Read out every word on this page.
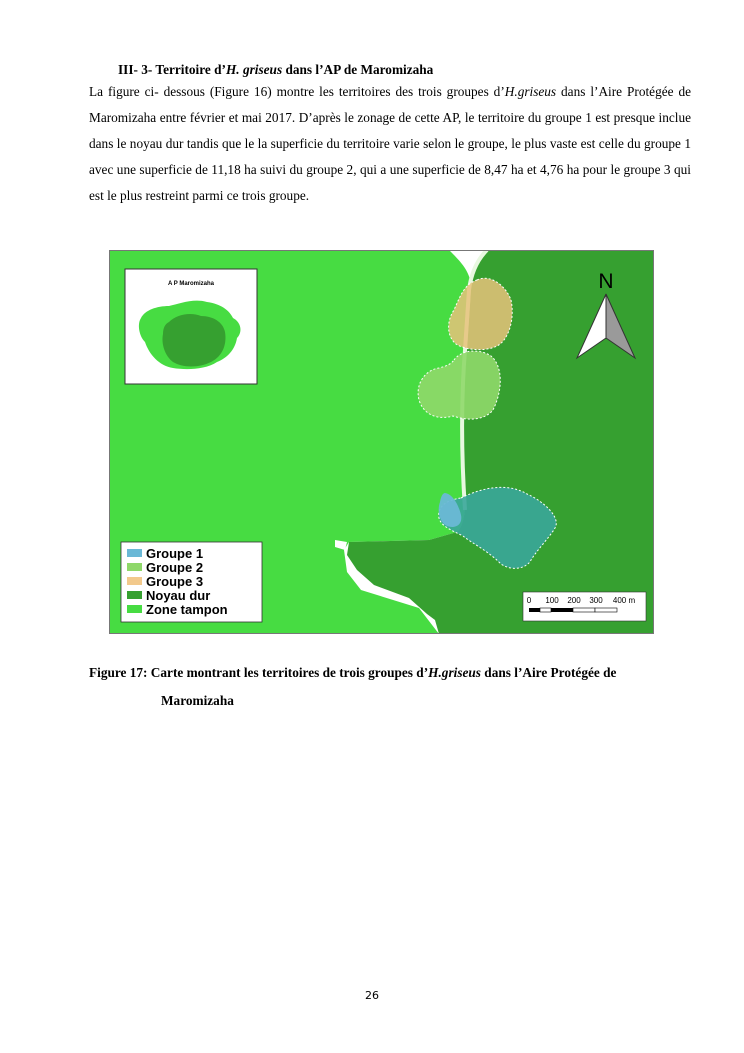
III- 3- Territoire d’H. griseus dans l’AP de Maromizaha

La figure ci- dessous (Figure 16) montre les territoires des trois groupes d’H.griseus dans l’Aire Protégée de Maromizaha entre février et mai 2017. D’après le zonage de cette AP, le territoire du groupe 1 est presque inclue dans le noyau dur tandis que le la superficie du territoire varie selon le groupe, le plus vaste est celle du groupe 1 avec une superficie de 11,18 ha suivi du groupe 2, qui a une superficie de 8,47 ha et 4,76 ha pour le groupe 3 qui est le plus restreint parmi ce trois groupe.

A P Maromizaha	N
Groupe 1
Groupe 2
Groupe 3
Noyau dur
Zone tampon
0 100 200 300 400 m
Figure 17: Carte montrant les territoires de trois groupes d’H.griseus dans l’Aire Protégée de
Maromizaha
26
